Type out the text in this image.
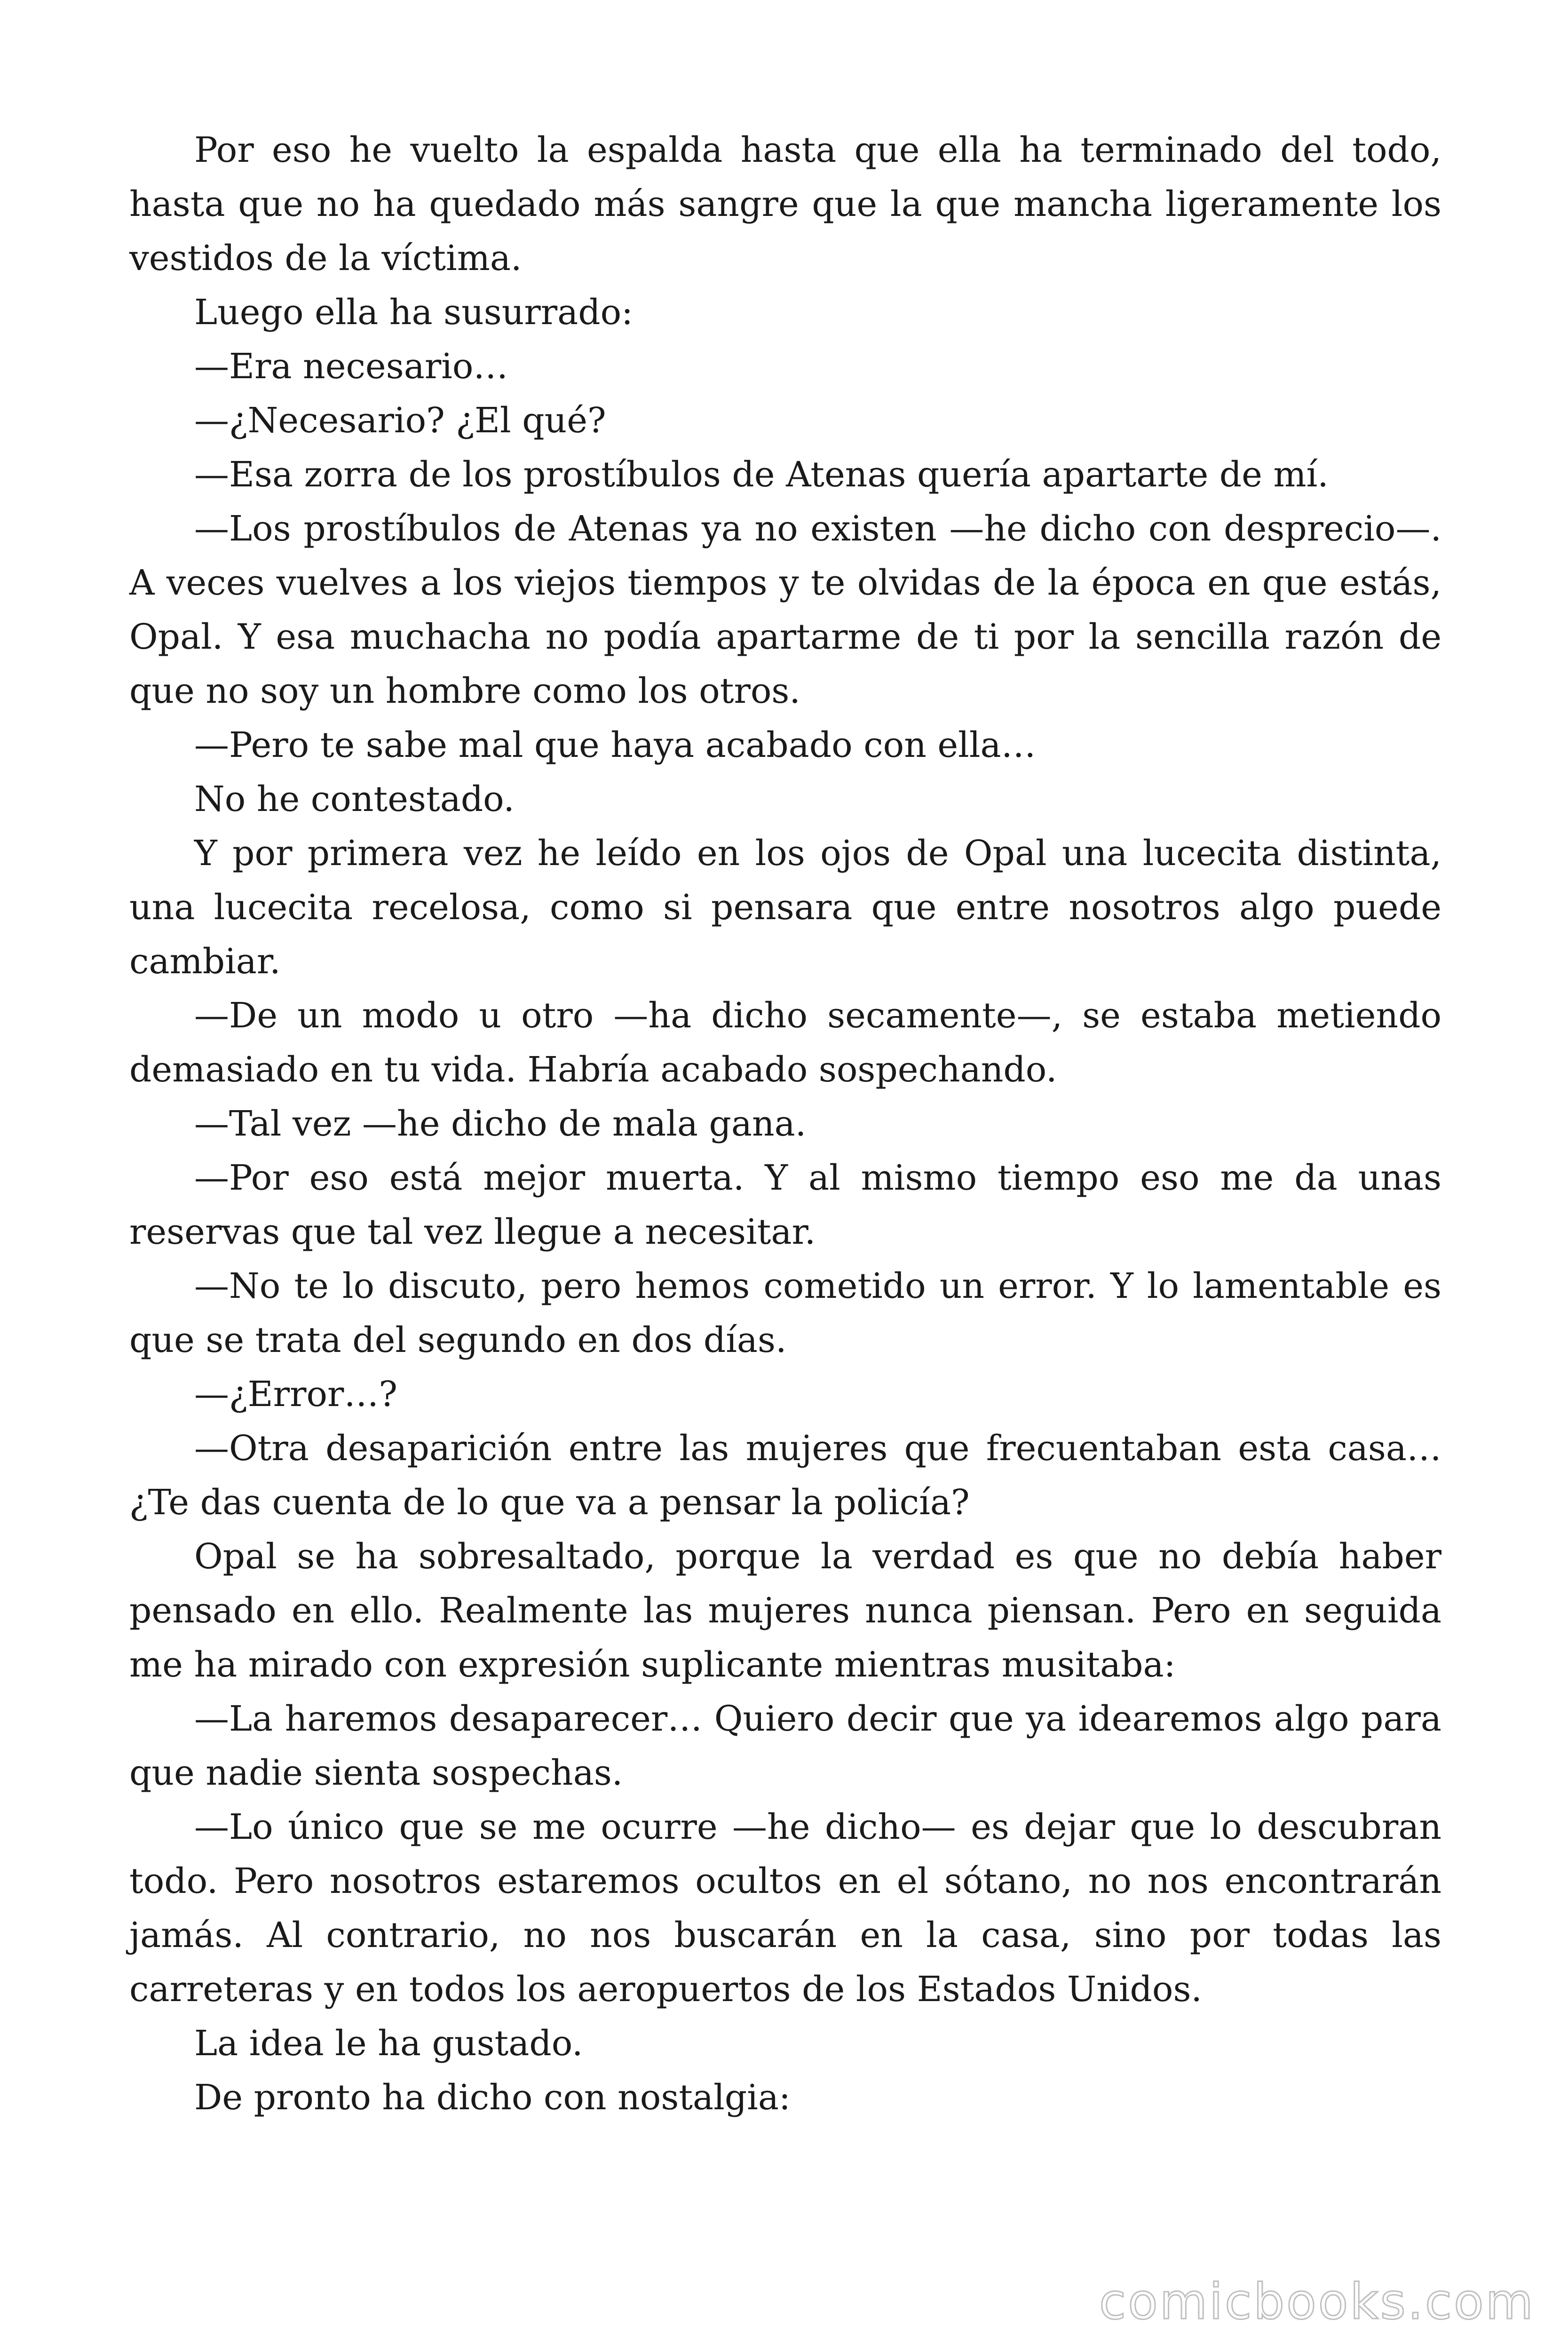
Por eso he vuelto la espalda hasta que ella ha terminado del todo, hasta que no ha quedado más sangre que la que mancha ligeramente los vestidos de la víctima.

Luego ella ha susurrado:

—Era necesario…

—¿Necesario? ¿El qué?

—Esa zorra de los prostíbulos de Atenas quería apartarte de mí.

—Los prostíbulos de Atenas ya no existen —he dicho con desprecio—. A veces vuelves a los viejos tiempos y te olvidas de la época en que estás, Opal. Y esa muchacha no podía apartarme de ti por la sencilla razón de que no soy un hombre como los otros.

—Pero te sabe mal que haya acabado con ella…

No he contestado.

Y por primera vez he leído en los ojos de Opal una lucecita distinta, una lucecita recelosa, como si pensara que entre nosotros algo puede cambiar.

—De un modo u otro —ha dicho secamente—, se estaba metiendo demasiado en tu vida. Habría acabado sospechando.

—Tal vez —he dicho de mala gana.

—Por eso está mejor muerta. Y al mismo tiempo eso me da unas reservas que tal vez llegue a necesitar.

—No te lo discuto, pero hemos cometido un error. Y lo lamentable es que se trata del segundo en dos días.

—¿Error…?

—Otra desaparición entre las mujeres que frecuentaban esta casa… ¿Te das cuenta de lo que va a pensar la policía?

Opal se ha sobresaltado, porque la verdad es que no debía haber pensado en ello. Realmente las mujeres nunca piensan. Pero en seguida me ha mirado con expresión suplicante mientras musitaba:

—La haremos desaparecer… Quiero decir que ya idearemos algo para que nadie sienta sospechas.

—Lo único que se me ocurre —he dicho— es dejar que lo descubran todo. Pero nosotros estaremos ocultos en el sótano, no nos encontrarán jamás. Al contrario, no nos buscarán en la casa, sino por todas las carreteras y en todos los aeropuertos de los Estados Unidos.

La idea le ha gustado.

De pronto ha dicho con nostalgia:

comicbooks.com
